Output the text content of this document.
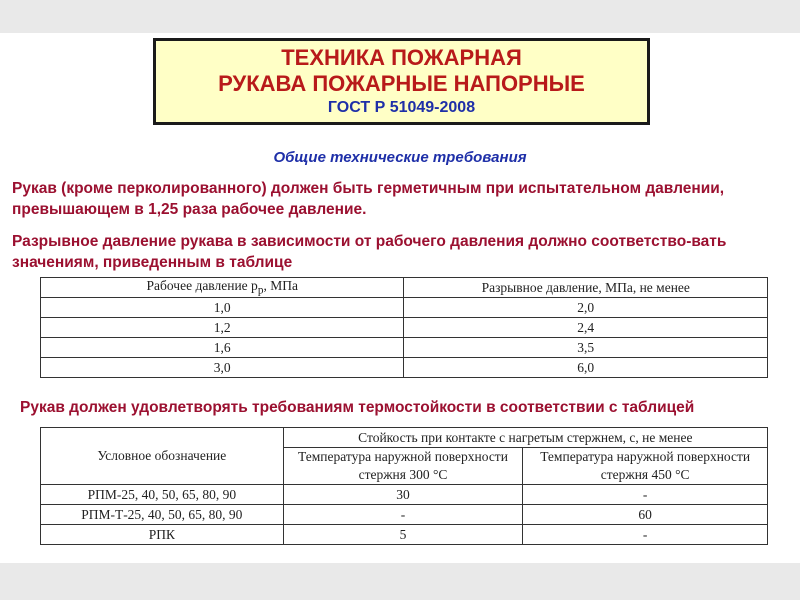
ТЕХНИКА ПОЖАРНАЯ
РУКАВА ПОЖАРНЫЕ НАПОРНЫЕ
ГОСТ Р 51049-2008
Общие технические требования
Рукав (кроме перколированного) должен быть герметичным при испытательном давлении, превышающем в 1,25 раза рабочее давление.
Разрывное давление рукава в зависимости от рабочего давления должно соответство-вать значениям, приведенным в таблице
Рабочее давление $p_р$, МПа	Разрывное давление, МПа, не менее
1,0	2,0
1,2	2,4
1,6	3,5
3,0	6,0
Рукав должен удовлетворять требованиям термостойкости в соответствии с таблицей
Условное обозначение	Стойкость при контакте с нагретым стержнем, с, не менее	
	Температура наружной поверхности стержня 300 °С	Температура наружной поверхности стержня 450 °С
РПМ-25, 40, 50, 65, 80, 90	30	-
РПМ-Т-25, 40, 50, 65, 80, 90	-	60
РПК	5	-
